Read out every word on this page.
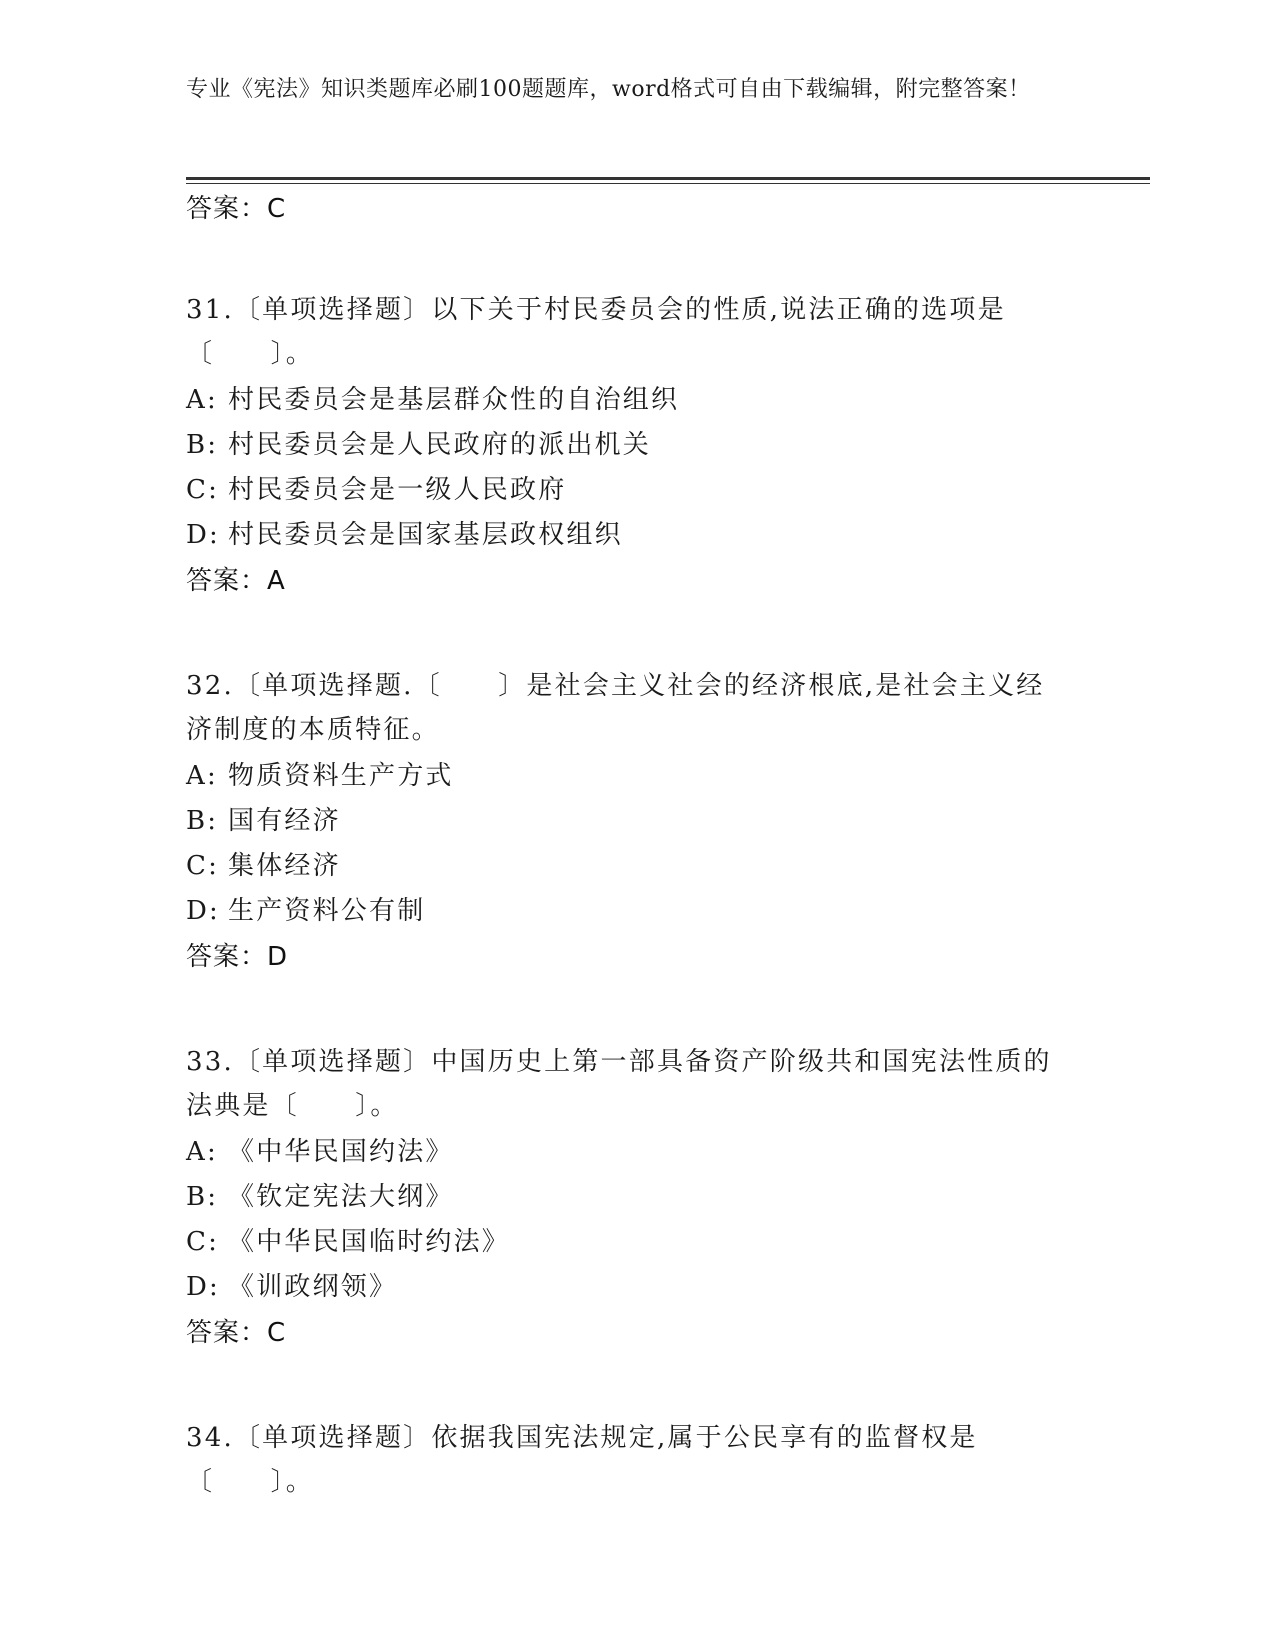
专业《宪法》知识类题库必刷100题题库，word格式可自由下载编辑，附完整答案！
答案：C

31.〔单项选择题〕以下关于村民委员会的性质,说法正确的选项是〔　　〕。

A: 村民委员会是基层群众性的自治组织
B: 村民委员会是人民政府的派出机关
C: 村民委员会是一级人民政府
D: 村民委员会是国家基层政权组织
答案：A

32.〔单项选择题.〔　　〕是社会主义社会的经济根底,是社会主义经济制度的本质特征。

A: 物质资料生产方式
B: 国有经济
C: 集体经济
D: 生产资料公有制
答案：D

33.〔单项选择题〕中国历史上第一部具备资产阶级共和国宪法性质的法典是〔　　〕。

A: 《中华民国约法》
B: 《钦定宪法大纲》
C: 《中华民国临时约法》
D: 《训政纲领》
答案：C

34.〔单项选择题〕依据我国宪法规定,属于公民享有的监督权是〔　　〕。
